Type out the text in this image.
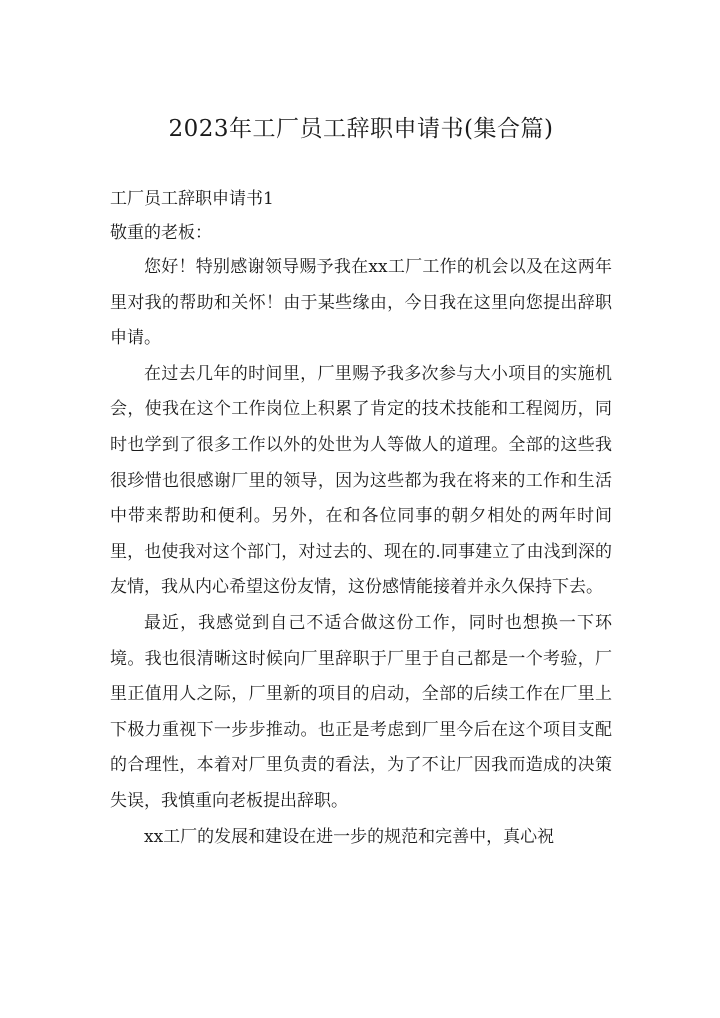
2023年工厂员工辞职申请书(集合篇)

工厂员工辞职申请书1

敬重的老板：

您好！特别感谢领导赐予我在xx工厂工作的机会以及在这两年里对我的帮助和关怀！由于某些缘由，今日我在这里向您提出辞职申请。

在过去几年的时间里，厂里赐予我多次参与大小项目的实施机会，使我在这个工作岗位上积累了肯定的技术技能和工程阅历，同时也学到了很多工作以外的处世为人等做人的道理。全部的这些我很珍惜也很感谢厂里的领导，因为这些都为我在将来的工作和生活中带来帮助和便利。另外，在和各位同事的朝夕相处的两年时间里，也使我对这个部门，对过去的、现在的.同事建立了由浅到深的友情，我从内心希望这份友情，这份感情能接着并永久保持下去。

最近，我感觉到自己不适合做这份工作，同时也想换一下环境。我也很清晰这时候向厂里辞职于厂里于自己都是一个考验，厂里正值用人之际，厂里新的项目的启动，全部的后续工作在厂里上下极力重视下一步步推动。也正是考虑到厂里今后在这个项目支配的合理性，本着对厂里负责的看法，为了不让厂因我而造成的决策失误，我慎重向老板提出辞职。

xx工厂的发展和建设在进一步的规范和完善中，真心祝
